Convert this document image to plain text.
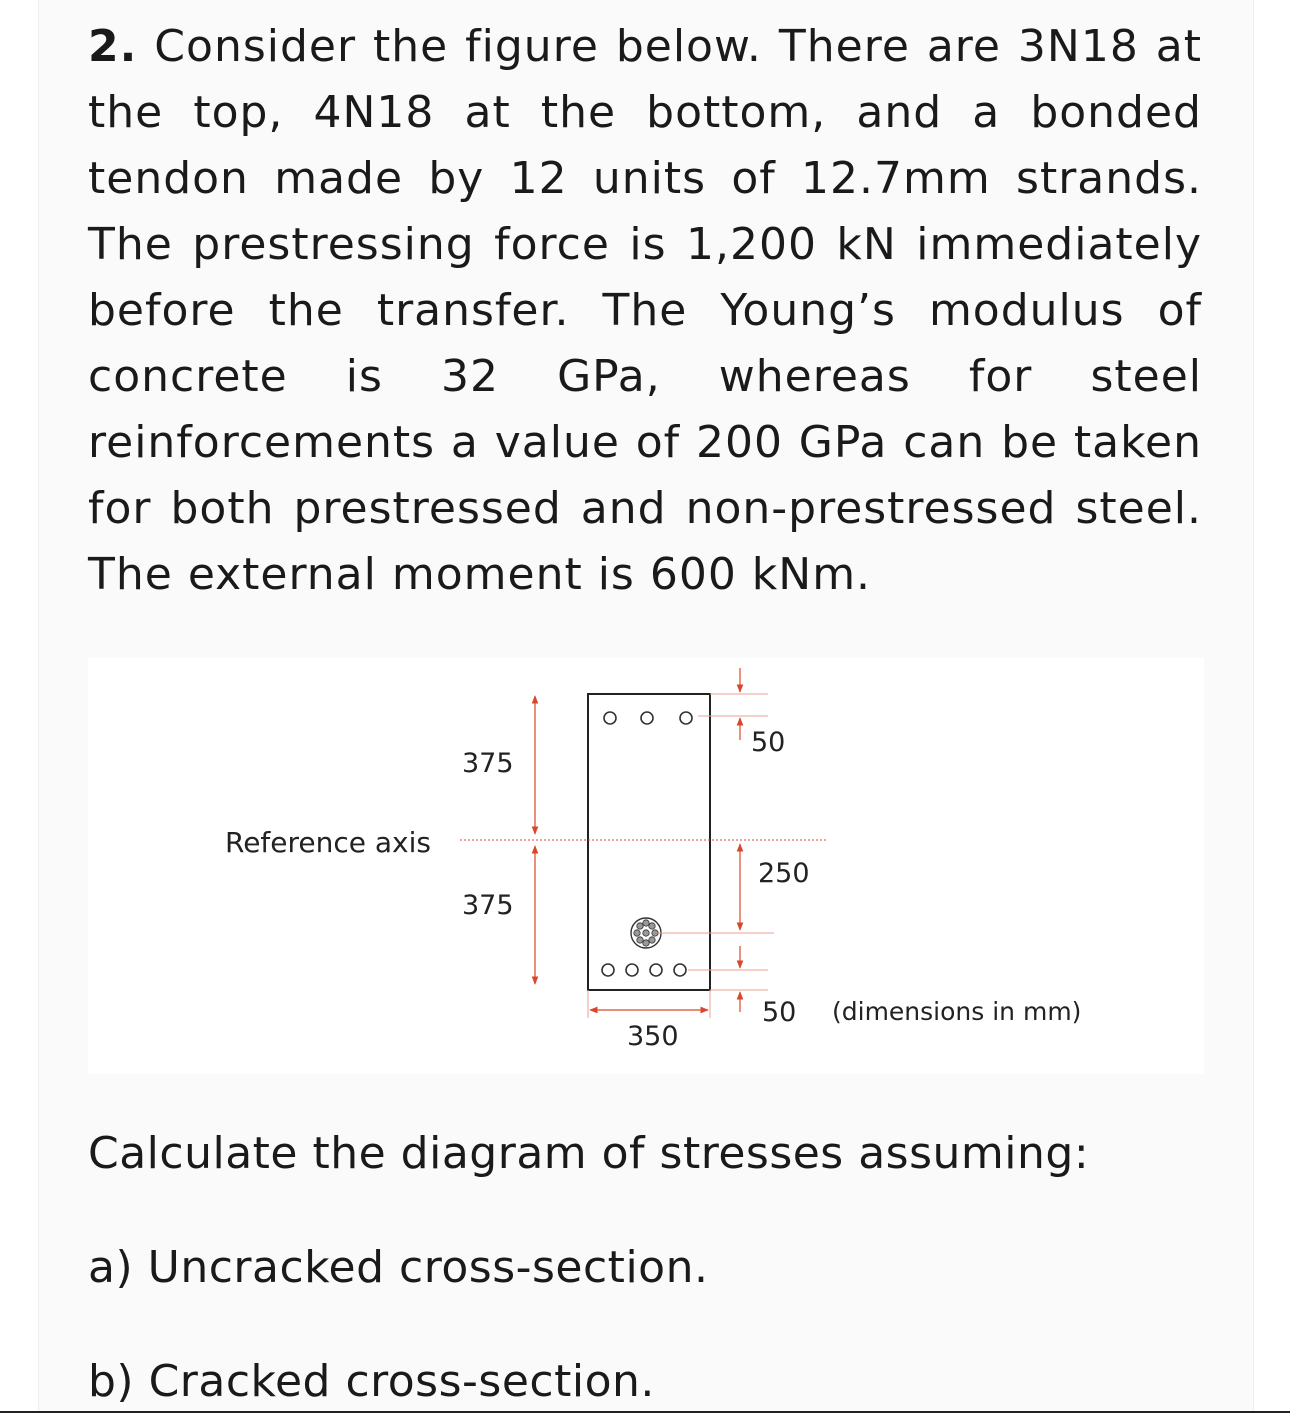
2. Consider the figure below. There are 3N18 at the top, 4N18 at the bottom, and a bonded tendon made by 12 units of 12.7mm strands. The prestressing force is 1,200 kN immediately before the transfer. The Young’s modulus of concrete is 32 GPa, whereas for steel reinforcements a value of 200 GPa can be taken for both prestressed and non-prestressed steel. The external moment is 600 kNm.

Reference axis
375
375
50
250
50
350
(dimensions in mm)

Calculate the diagram of stresses assuming:

a) Uncracked cross-section.

b) Cracked cross-section.
